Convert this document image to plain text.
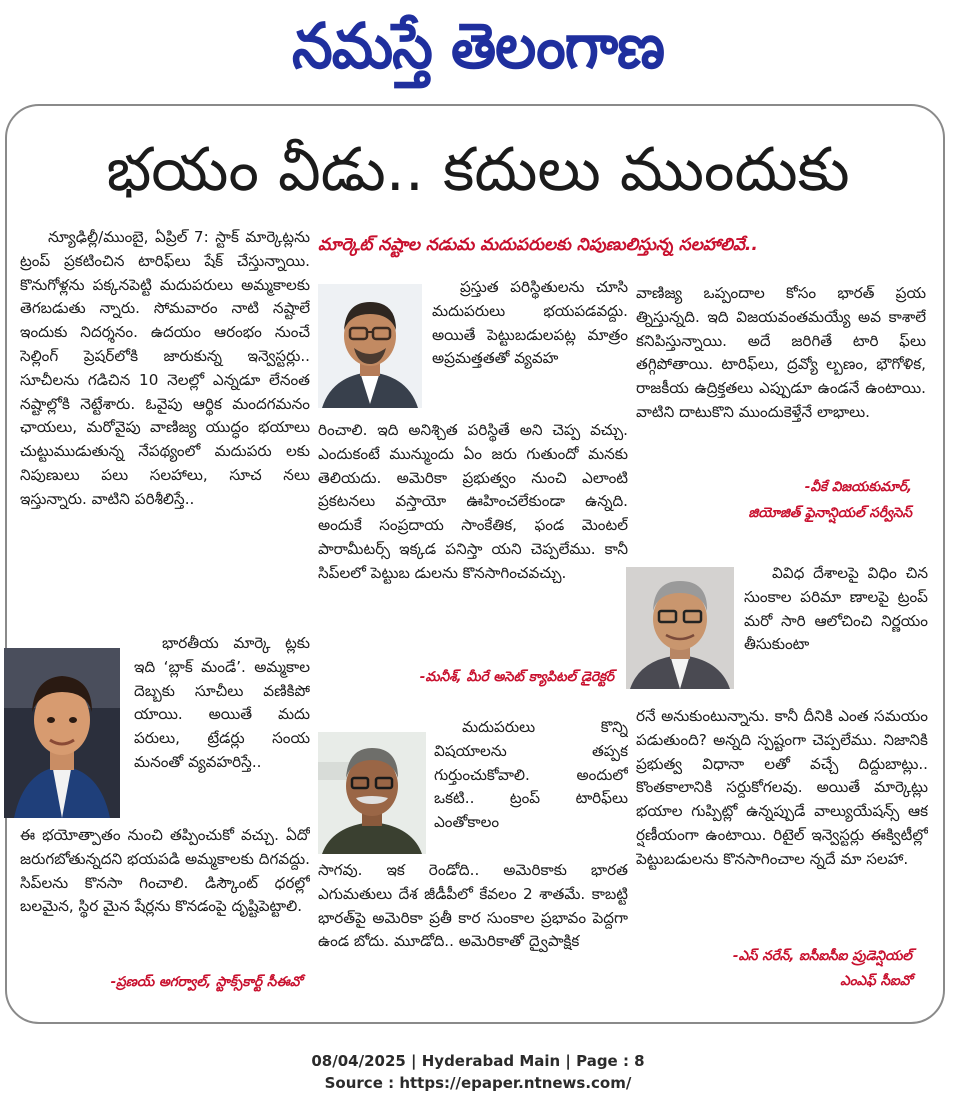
నమస్తే తెలంగాణ
భయం వీడు.. కదులు ముందుకు
మార్కెట్ నష్టాల నడుమ మదుపరులకు నిపుణులిస్తున్న సలహాలివే..

న్యూఢిల్లీ/ముంబై, ఏప్రిల్ 7: స్టాక్ మార్కెట్లను ట్రంప్ ప్రకటించిన టారిఫ్‌లు షేక్ చేస్తున్నాయి. కొనుగోళ్లను పక్కనపెట్టి మదుపరులు అమ్మకాలకు తెగబడుతు న్నారు. సోమవారం నాటి నష్టాలే ఇందుకు నిదర్శనం. ఉదయం ఆరంభం నుంచే సెల్లింగ్ ప్రెషర్‌లోకి జారుకున్న ఇన్వెస్టర్లు.. సూచీలను గడిచిన 10 నెలల్లో ఎన్నడూ లేనంత నష్టాల్లోకి నెట్టేశారు. ఓవైపు ఆర్థిక మందగమనం ఛాయలు, మరోవైపు వాణిజ్య యుద్ధం భయాలు చుట్టుముడుతున్న నేపథ్యంలో మదుపరు లకు నిపుణులు పలు సలహాలు, సూచ నలు ఇస్తున్నారు. వాటిని పరిశీలిస్తే..

భారతీయ మార్కె ట్లకు ఇది ‘బ్లాక్ మండే’. అమ్మకాల దెబ్బకు సూచీలు వణికిపో యాయి. అయితే మదు పరులు, ట్రేడర్లు సంయ మనంతో వ్యవహరిస్తే..

ఈ భయోత్పాతం నుంచి తప్పించుకో వచ్చు. ఏదో జరుగబోతున్నదని భయపడి అమ్మకాలకు దిగవద్దు. సిప్‌లను కొనసా గించాలి. డిస్కౌంట్ ధరల్లో బలమైన, స్థిర మైన షేర్లను కొనడంపై దృష్టిపెట్టాలి.

-ప్రణయ్ అగర్వాల్, స్టాక్స్‌కార్ట్ సీఈవో

ప్రస్తుత పరిస్థితులను చూసి మదుపరులు భయపడవద్దు. అయితే పెట్టుబడులపట్ల మాత్రం అప్రమత్తతతో వ్యవహ

రించాలి. ఇది అనిశ్చిత పరిస్థితే అని చెప్ప వచ్చు. ఎందుకంటే మున్ముందు ఏం జరు గుతుందో మనకు తెలియదు. అమెరికా ప్రభుత్వం నుంచి ఎలాంటి ప్రకటనలు వస్తాయో ఊహించలేకుండా ఉన్నది. అందుకే సంప్రదాయ సాంకేతిక, ఫండ మెంటల్ పారామీటర్స్ ఇక్కడ పనిస్తా యని చెప్పలేము. కానీ సిప్‌లలో పెట్టుబ డులను కొనసాగించవచ్చు.

-మనీశ్, మీరే అసెట్ క్యాపిటల్ డైరెక్టర్

మదుపరులు కొన్ని విషయాలను తప్పక గుర్తుంచుకోవాలి. అందులో ఒకటి.. ట్రంప్ టారిఫ్‌లు ఎంతోకాలం

సాగవు. ఇక రెండోది.. అమెరికాకు భారత ఎగుమతులు దేశ జీడీపీలో కేవలం 2 శాతమే. కాబట్టి భారత్‌పై అమెరికా ప్రతీ కార సుంకాల ప్రభావం పెద్దగా ఉండ బోదు. మూడోది.. అమెరికాతో ద్వైపాక్షిక

వాణిజ్య ఒప్పందాల కోసం భారత్ ప్రయ త్నిస్తున్నది. ఇది విజయవంతమయ్యే అవ కాశాలే కనిపిస్తున్నాయి. అదే జరిగితే టారి ఫ్‌లు తగ్గిపోతాయి. టారిఫ్‌లు, ద్రవ్యో ల్బణం, భౌగోళిక, రాజకీయ ఉద్రిక్తతలు ఎప్పుడూ ఉండనే ఉంటాయి. వాటిని దాటుకొని ముందుకెళ్తేనే లాభాలు.

-వీకే విజయకుమార్,
జియోజిత్ ఫైనాన్షియల్ సర్వీసెస్

వివిధ దేశాలపై విధిం చిన సుంకాల పరిమా ణాలపై ట్రంప్ మరో సారి ఆలోచించి నిర్ణయం తీసుకుంటా

రనే అనుకుంటున్నాను. కానీ దీనికి ఎంత సమయం పడుతుంది? అన్నది స్పష్టంగా చెప్పలేము. నిజానికి ప్రభుత్వ విధానా లతో వచ్చే దిద్దుబాట్లు.. కొంతకాలానికి సర్దుకోగలవు. అయితే మార్కెట్లు భయాల గుప్పిట్లో ఉన్నప్పుడే వాల్యుయేషన్స్ ఆక ర్షణీయంగా ఉంటాయి. రిటైల్ ఇన్వెస్టర్లు ఈక్విటీల్లో పెట్టుబడులను కొనసాగించాల న్నదే మా సలహా.

-ఎస్ నరేన్, ఐసీఐసీఐ ప్రుడెన్షియల్
ఎంఎఫ్ సీఐవో
08/04/2025 | Hyderabad Main | Page : 8
Source : https://epaper.ntnews.com/
